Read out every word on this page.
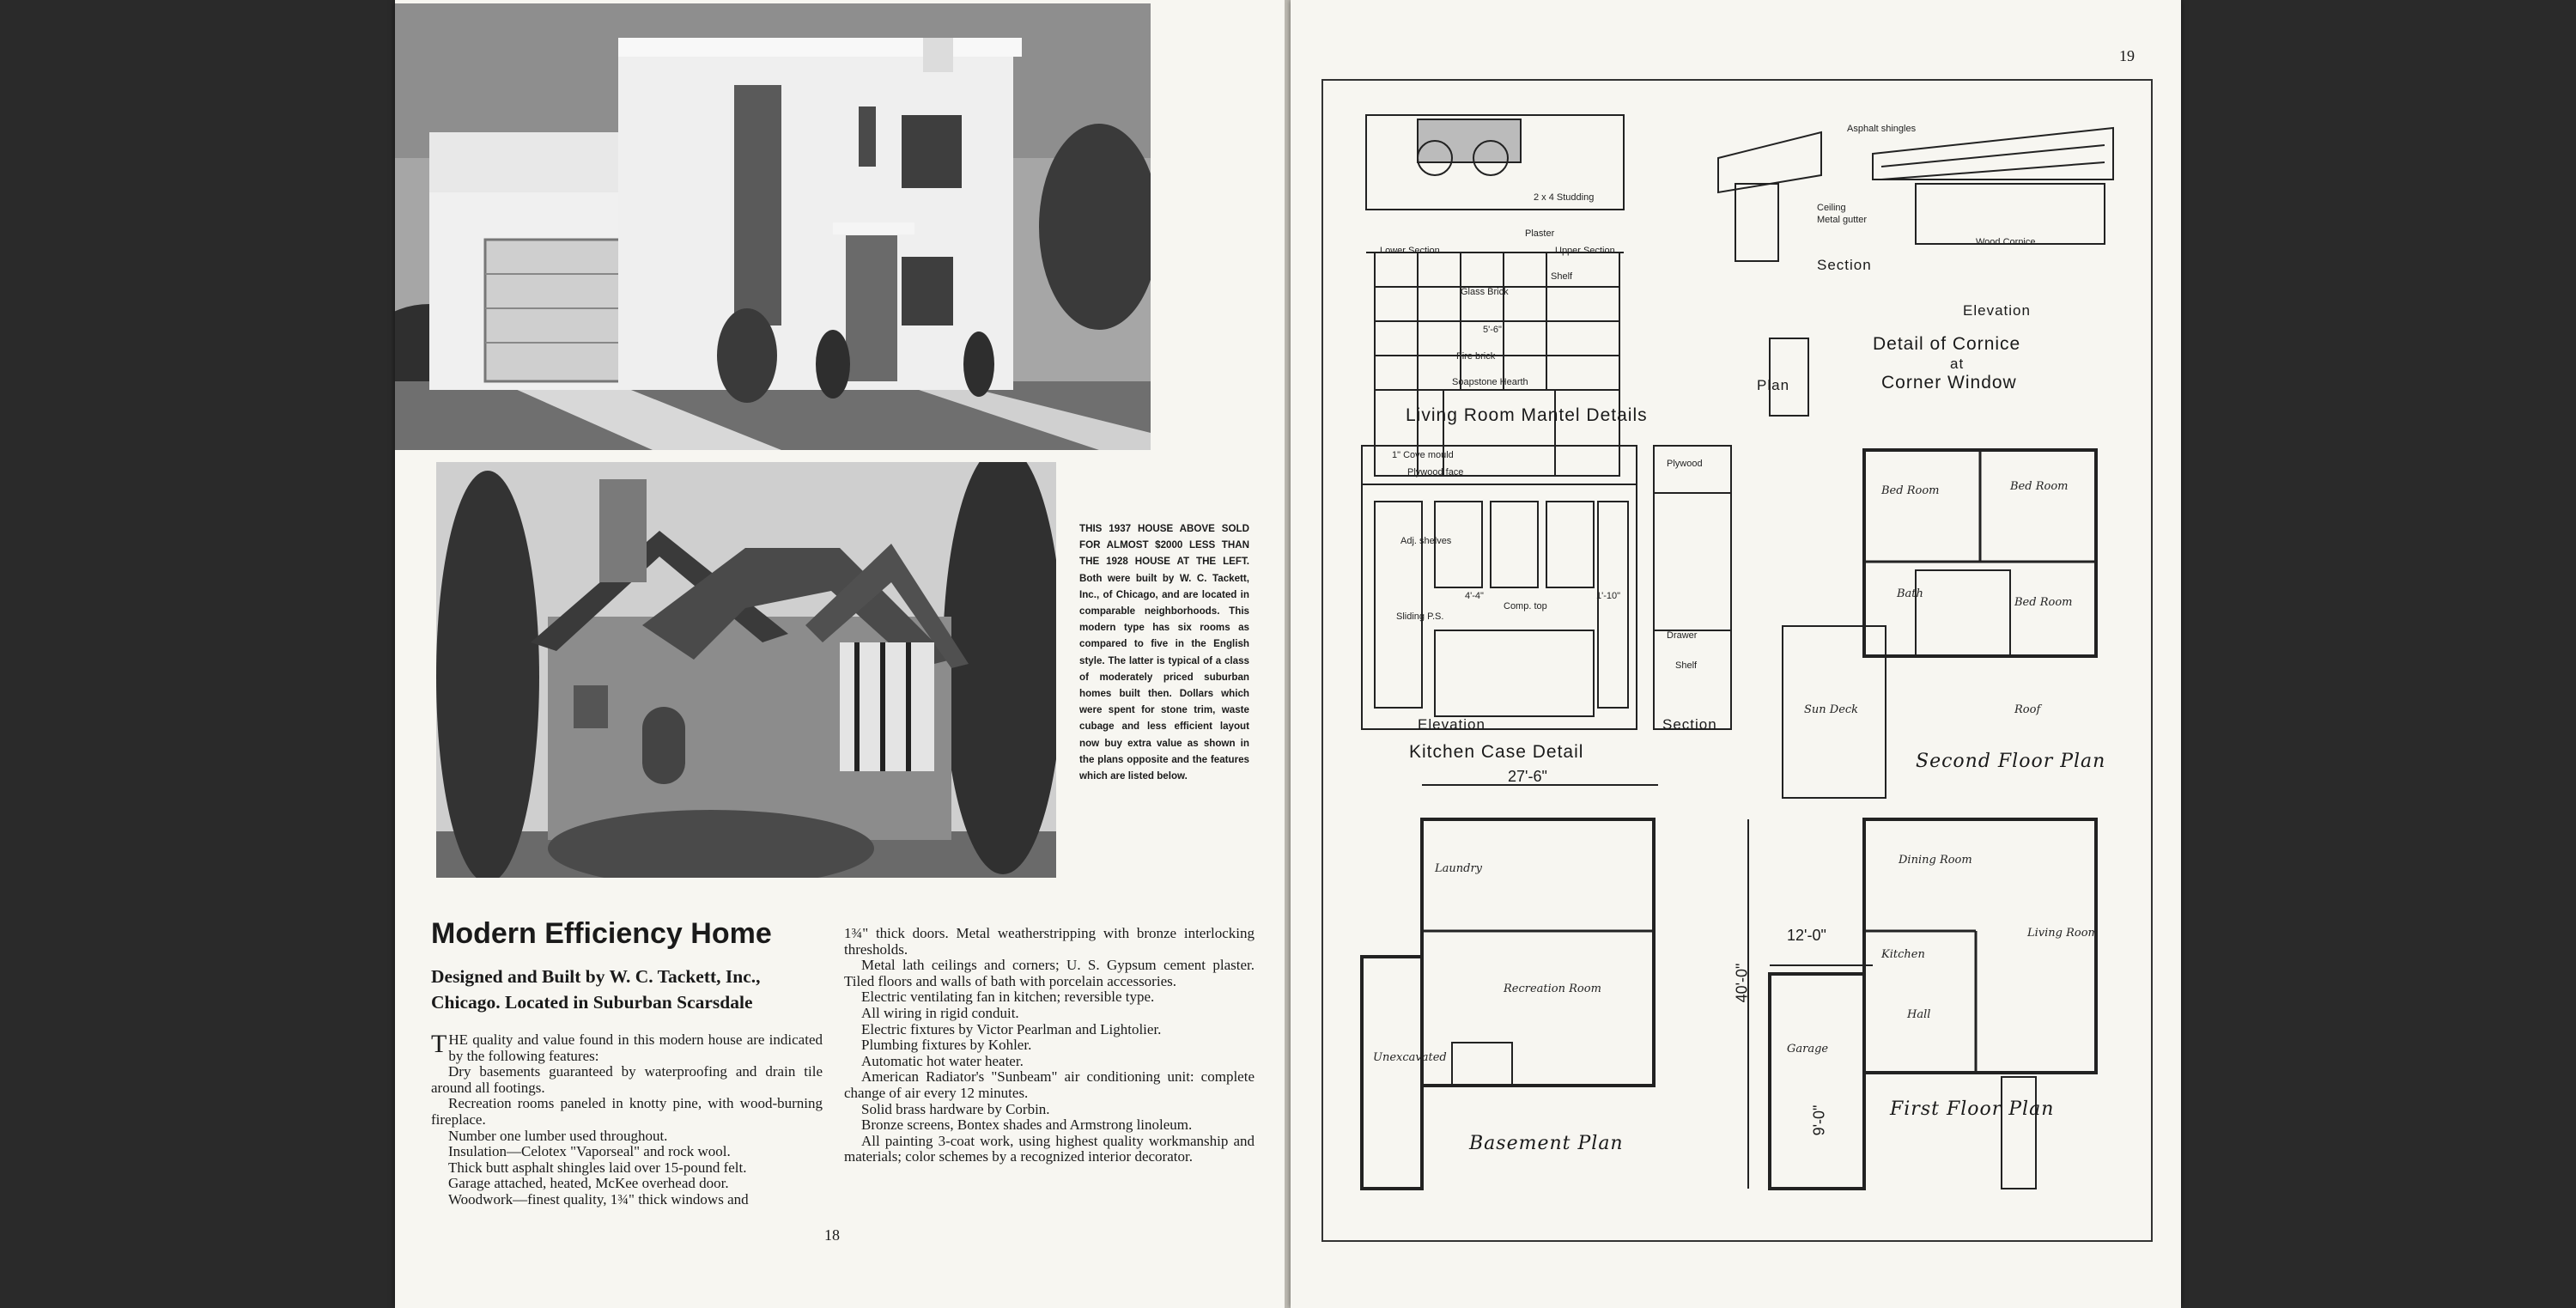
THIS 1937 HOUSE ABOVE SOLD FOR ALMOST $2000 LESS THAN THE 1928 HOUSE AT THE LEFT. Both were built by W. C. Tackett, Inc., of Chicago, and are located in comparable neighborhoods. This modern type has six rooms as compared to five in the English style. The latter is typical of a class of moderately priced suburban homes built then. Dollars which were spent for stone trim, waste cubage and less efficient layout now buy extra value as shown in the plans opposite and the features which are listed below.

Modern Efficiency Home
Designed and Built by W. C. Tackett, Inc., Chicago. Located in Suburban Scarsdale

THE quality and value found in this modern house are indicated by the following features:

Dry basements guaranteed by waterproofing and drain tile around all footings.

Recreation rooms paneled in knotty pine, with wood-burning fireplace.

Number one lumber used throughout.

Insulation—Celotex "Vaporseal" and rock wool.

Thick butt asphalt shingles laid over 15-pound felt.

Garage attached, heated, McKee overhead door.

Woodwork—finest quality, 1¾" thick windows and

1¾" thick doors. Metal weatherstripping with bronze interlocking thresholds.

Metal lath ceilings and corners; U. S. Gypsum cement plaster. Tiled floors and walls of bath with porcelain accessories.

Electric ventilating fan in kitchen; reversible type.

All wiring in rigid conduit.

Electric fixtures by Victor Pearlman and Lightolier.

Plumbing fixtures by Kohler.

Automatic hot water heater.

American Radiator's "Sunbeam" air conditioning unit: complete change of air every 12 minutes.

Solid brass hardware by Corbin.

Bronze screens, Bontex shades and Armstrong linoleum.

All painting 3-coat work, using highest quality workmanship and materials; color schemes by a recognized interior decorator.

18
19
Living Room Mantel Details
Lower Section	Upper Section
Glass Brick
Fire brick
Soapstone Hearth
Plaster
2 x 4 Studding
Shelf
5'-6"
Asphalt shingles
Ceiling
Metal gutter
Wood Cornice
Section
Elevation
Plan
Detail of Cornice
at
Corner Window
1" Cove mould
Plywood face
Plywood
Adj. shelves
4'-4"	1'-10"
Sliding P.S.
Comp. top
Drawer
Shelf
Elevation	Section
Kitchen Case Detail
Bed Room	Bed Room
Bed Room
Bath
Sun Deck	Roof
Second Floor Plan
27'-6"
Laundry
Recreation Room
Unexcavated
Basement Plan
40'-0"
12'-0"
9'-0"
Dining Room
Kitchen
Living Room
Garage
Hall
First Floor Plan
